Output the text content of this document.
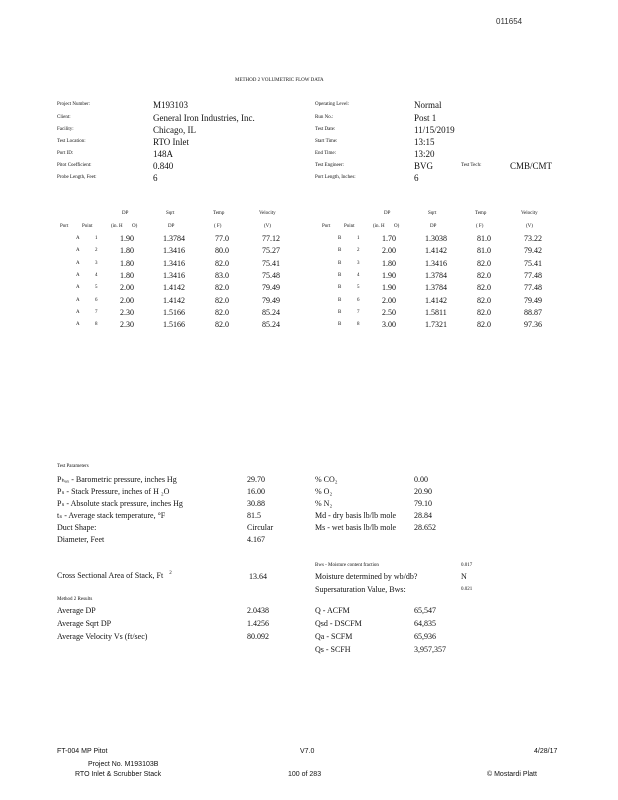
011654
METHOD 2 VOLUMETRIC FLOW DATA
Project Number:	M193103
Client:	General Iron Industries, Inc.
Facility:	Chicago, IL
Test Location:	RTO Inlet
Port ID:	148A
Pitot Coefficient:	0.840
Probe Length, Feet:	6
Operating Level:	Normal
Run No.:	Post 1
Test Date:	11/15/2019
Start Time:	13:15
End Time:	13:20
Test Engineer:	BVG
Port Length, Inches:	6
Test Tech:	CMB/CMT
DP	Sqrt	Temp	Velocity
Port	Point	(in. H O)	DP	( F)	(V)
DP	Sqrt	Temp	Velocity
Port	Point	(in. H O)	DP	( F)	(V)
A	1	1.90	1.3784	77.0	77.12
A	2	1.80	1.3416	80.0	75.27
A	3	1.80	1.3416	82.0	75.41
A	4	1.80	1.3416	83.0	75.48
A	5	2.00	1.4142	82.0	79.49
A	6	2.00	1.4142	82.0	79.49
A	7	2.30	1.5166	82.0	85.24
A	8	2.30	1.5166	82.0	85.24
B	1	1.70	1.3038	81.0	73.22
B	2	2.00	1.4142	81.0	79.42
B	3	1.80	1.3416	82.0	75.41
B	4	1.90	1.3784	82.0	77.48
B	5	1.90	1.3784	82.0	77.48
B	6	2.00	1.4142	82.0	79.49
B	7	2.50	1.5811	82.0	88.87
B	8	3.00	1.7321	82.0	97.36
Test Parameters
Pₕₐₓ - Barometric pressure, inches Hg	29.70
Pₛ - Stack Pressure, inches of H ₂O	16.00
Pₛ - Absolute stack pressure, inches Hg	30.88
tₛ - Average stack temperature, °F	81.5
Duct Shape:	Circular
Diameter, Feet	4.167
% CO₂	0.00
% O₂	20.90
% N₂	79.10
Md - dry basis lb/lb mole 28.84
Ms - wet basis lb/lb mole 28.652
Bws - Moisture content fraction	0.017
Cross Sectional Area of Stack, Ft $^2$	13.64	Moisture determined by wb/db?	N
Supersaturation Value, Bws:	0.021
Method 2 Results
Average DP	2.0438
Average Sqrt DP	1.4256
Average Velocity Vs (ft/sec)	80.092
Q - ACFM	65,547
Qsd - DSCFM	64,835
Qa - SCFM	65,936
Qs - SCFH	3,957,357
FT-004 MP Pitot	V7.0	4/28/17
Project No. M193103B
RTO Inlet & Scrubber Stack	100 of 283	© Mostardi Platt
